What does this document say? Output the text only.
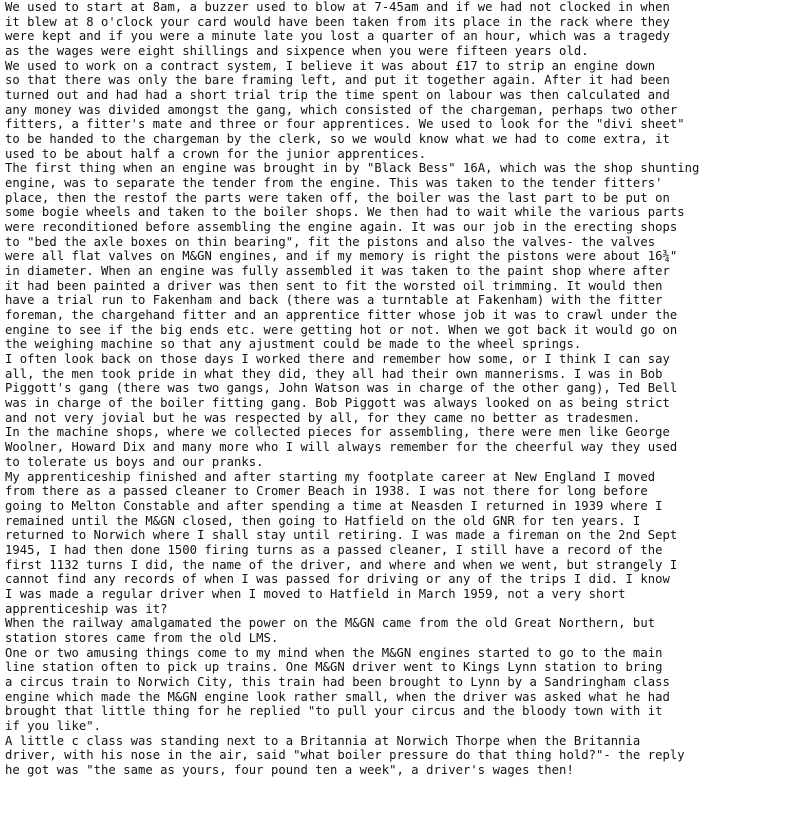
We used to start at 8am, a buzzer used to blow at 7-45am and if we had not clocked in when
it blew at 8 o'clock your card would have been taken from its place in the rack where they
were kept and if you were a minute late you lost a quarter of an hour, which was a tragedy
as the wages were eight shillings and sixpence when you were fifteen years old.
We used to work on a contract system, I believe it was about £17 to strip an engine down
so that there was only the bare framing left, and put it together again. After it had been
turned out and had had a short trial trip the time spent on labour was then calculated and
any money was divided amongst the gang, which consisted of the chargeman, perhaps two other
fitters, a fitter's mate and three or four apprentices. We used to look for the "divi sheet"
to be handed to the chargeman by the clerk, so we would know what we had to come extra, it
used to be about half a crown for the junior apprentices.
The first thing when an engine was brought in by "Black Bess" 16A, which was the shop shunting
engine, was to separate the tender from the engine. This was taken to the tender fitters'
place, then the restof the parts were taken off, the boiler was the last part to be put on
some bogie wheels and taken to the boiler shops. We then had to wait while the various parts
were reconditioned before assembling the engine again. It was our job in the erecting shops
to "bed the axle boxes on thin bearing", fit the pistons and also the valves- the valves
were all flat valves on M&GN engines, and if my memory is right the pistons were about 16¾"
in diameter. When an engine was fully assembled it was taken to the paint shop where after
it had been painted a driver was then sent to fit the worsted oil trimming. It would then
have a trial run to Fakenham and back (there was a turntable at Fakenham) with the fitter
foreman, the chargehand fitter and an apprentice fitter whose job it was to crawl under the
engine to see if the big ends etc. were getting hot or not. When we got back it would go on
the weighing machine so that any ajustment could be made to the wheel springs.
I often look back on those days I worked there and remember how some, or I think I can say
all, the men took pride in what they did, they all had their own mannerisms. I was in Bob
Piggott's gang (there was two gangs, John Watson was in charge of the other gang), Ted Bell
was in charge of the boiler fitting gang. Bob Piggott was always looked on as being strict
and not very jovial but he was respected by all, for they came no better as tradesmen.
In the machine shops, where we collected pieces for assembling, there were men like George
Woolner, Howard Dix and many more who I will always remember for the cheerful way they used
to tolerate us boys and our pranks.
My apprenticeship finished and after starting my footplate career at New England I moved
from there as a passed cleaner to Cromer Beach in 1938. I was not there for long before
going to Melton Constable and after spending a time at Neasden I returned in 1939 where I
remained until the M&GN closed, then going to Hatfield on the old GNR for ten years. I
returned to Norwich where I shall stay until retiring. I was made a fireman on the 2nd Sept
1945, I had then done 1500 firing turns as a passed cleaner, I still have a record of the
first 1132 turns I did, the name of the driver, and where and when we went, but strangely I
cannot find any records of when I was passed for driving or any of the trips I did. I know
I was made a regular driver when I moved to Hatfield in March 1959, not a very short
apprenticeship was it?
When the railway amalgamated the power on the M&GN came from the old Great Northern, but
station stores came from the old LMS.
One or two amusing things come to my mind when the M&GN engines started to go to the main
line station often to pick up trains. One M&GN driver went to Kings Lynn station to bring
a circus train to Norwich City, this train had been brought to Lynn by a Sandringham class
engine which made the M&GN engine look rather small, when the driver was asked what he had
brought that little thing for he replied "to pull your circus and the bloody town with it
if you like".
A little c class was standing next to a Britannia at Norwich Thorpe when the Britannia
driver, with his nose in the air, said "what boiler pressure do that thing hold?"- the reply
he got was "the same as yours, four pound ten a week", a driver's wages then!
